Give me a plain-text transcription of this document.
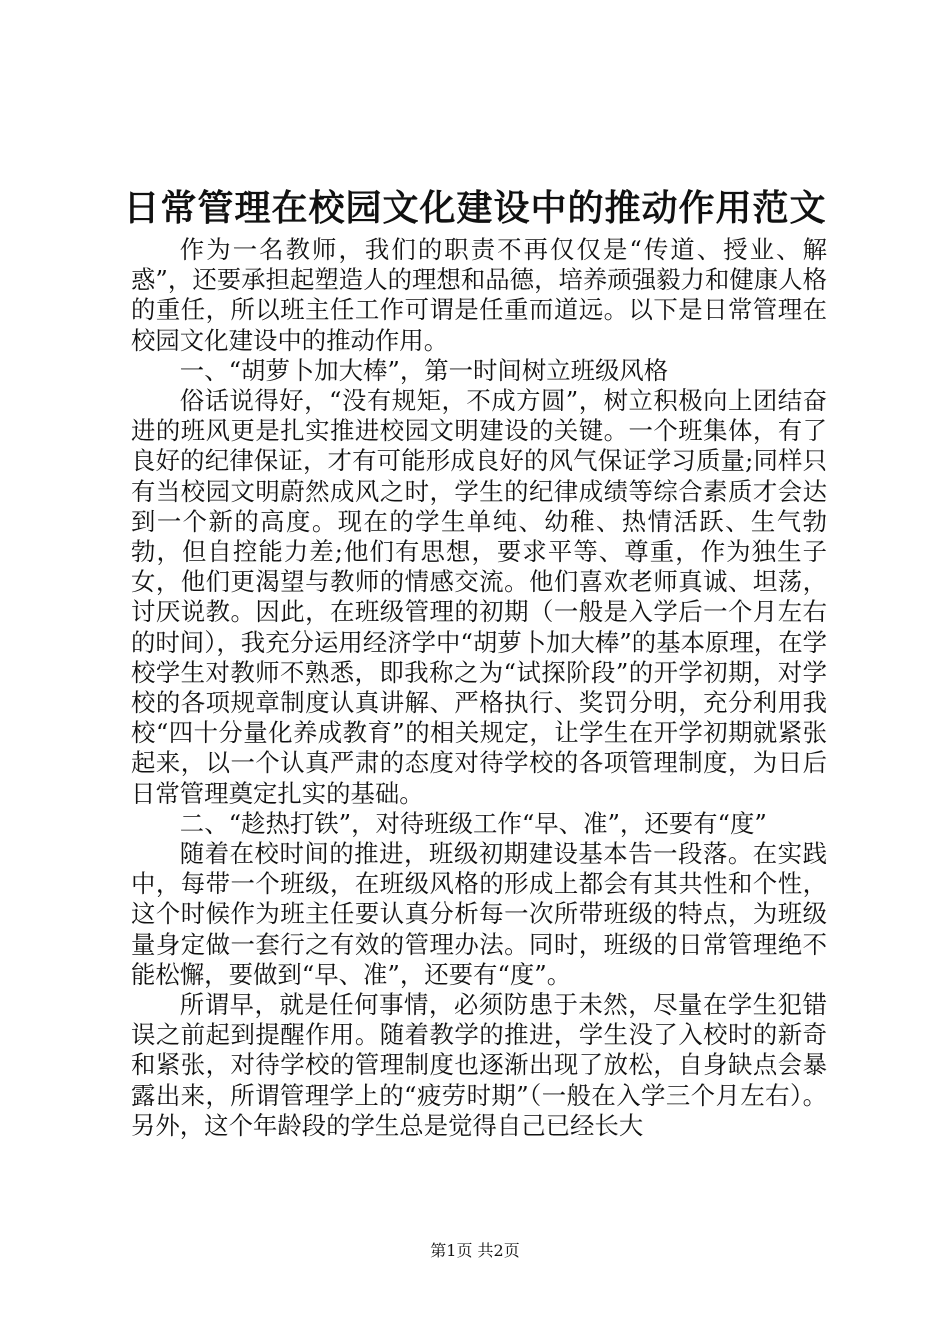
日常管理在校园文化建设中的推动作用范文

作为一名教师，我们的职责不再仅仅是“传道、授业、解惑”，还要承担起塑造人的理想和品德，培养顽强毅力和健康人格的重任，所以班主任工作可谓是任重而道远。以下是日常管理在校园文化建设中的推动作用。

一、“胡萝卜加大棒”，第一时间树立班级风格

俗话说得好，“没有规矩，不成方圆”，树立积极向上团结奋进的班风更是扎实推进校园文明建设的关键。一个班集体，有了良好的纪律保证，才有可能形成良好的风气保证学习质量;同样只有当校园文明蔚然成风之时，学生的纪律成绩等综合素质才会达到一个新的高度。现在的学生单纯、幼稚、热情活跃、生气勃勃，但自控能力差;他们有思想，要求平等、尊重，作为独生子女，他们更渴望与教师的情感交流。他们喜欢老师真诚、坦荡，讨厌说教。因此，在班级管理的初期（一般是入学后一个月左右的时间），我充分运用经济学中“胡萝卜加大棒”的基本原理，在学校学生对教师不熟悉，即我称之为“试探阶段”的开学初期，对学校的各项规章制度认真讲解、严格执行、奖罚分明，充分利用我校“四十分量化养成教育”的相关规定，让学生在开学初期就紧张起来，以一个认真严肃的态度对待学校的各项管理制度，为日后日常管理奠定扎实的基础。

二、“趁热打铁”，对待班级工作“早、准”，还要有“度”

随着在校时间的推进，班级初期建设基本告一段落。在实践中，每带一个班级，在班级风格的形成上都会有其共性和个性，这个时候作为班主任要认真分析每一次所带班级的特点，为班级量身定做一套行之有效的管理办法。同时，班级的日常管理绝不能松懈，要做到“早、准”，还要有“度”。

所谓早，就是任何事情，必须防患于未然，尽量在学生犯错误之前起到提醒作用。随着教学的推进，学生没了入校时的新奇和紧张，对待学校的管理制度也逐渐出现了放松，自身缺点会暴露出来，所谓管理学上的“疲劳时期”（一般在入学三个月左右）。另外，这个年龄段的学生总是觉得自己已经长大

第1页 共2页
